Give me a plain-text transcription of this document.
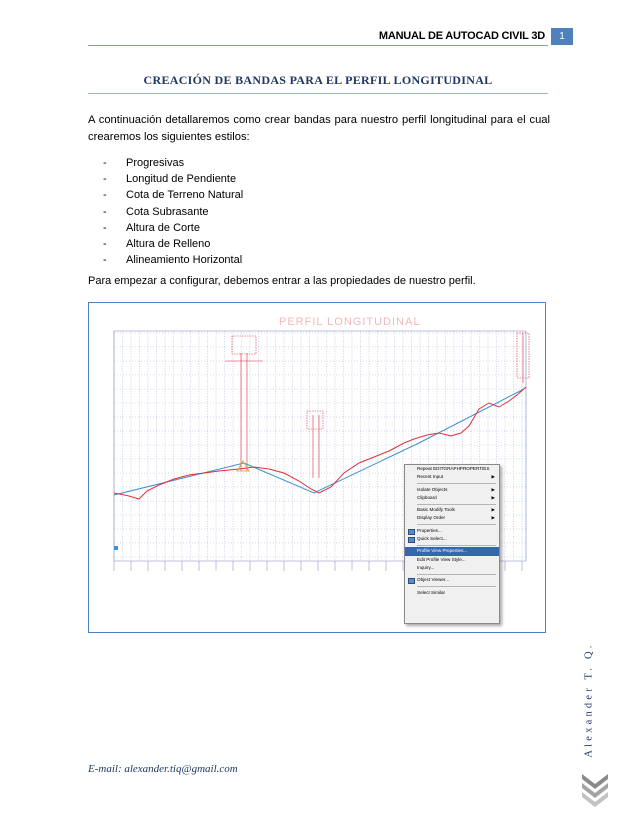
MANUAL DE AUTOCAD CIVIL 3D	1
CREACIÓN DE BANDAS PARA EL PERFIL LONGITUDINAL

A continuación detallaremos como crear bandas para nuestro perfil longitudinal para el cual crearemos los siguientes estilos:

- Progresivas
- Longitud de Pendiente
- Cota de Terreno Natural
- Cota Subrasante
- Altura de Corte
- Altura de Relleno
- Alineamiento Horizontal

Para empezar a configurar, debemos entrar a las propiedades de nuestro perfil.

PERFIL LONGITUDINAL
Repeat EDITGRAPHPROPERTIES
Recent Input	▶
Isolate Objects	▶
Clipboard	▶
Basic Modify Tools	▶
Display Order	▶
Properties...
Quick Select...
Profile View Properties...
Edit Profile View Style...
Inquiry...
Object Viewer...
Select Similar
E-mail: alexander.tiq@gmail.com
Alexander T. Q.
